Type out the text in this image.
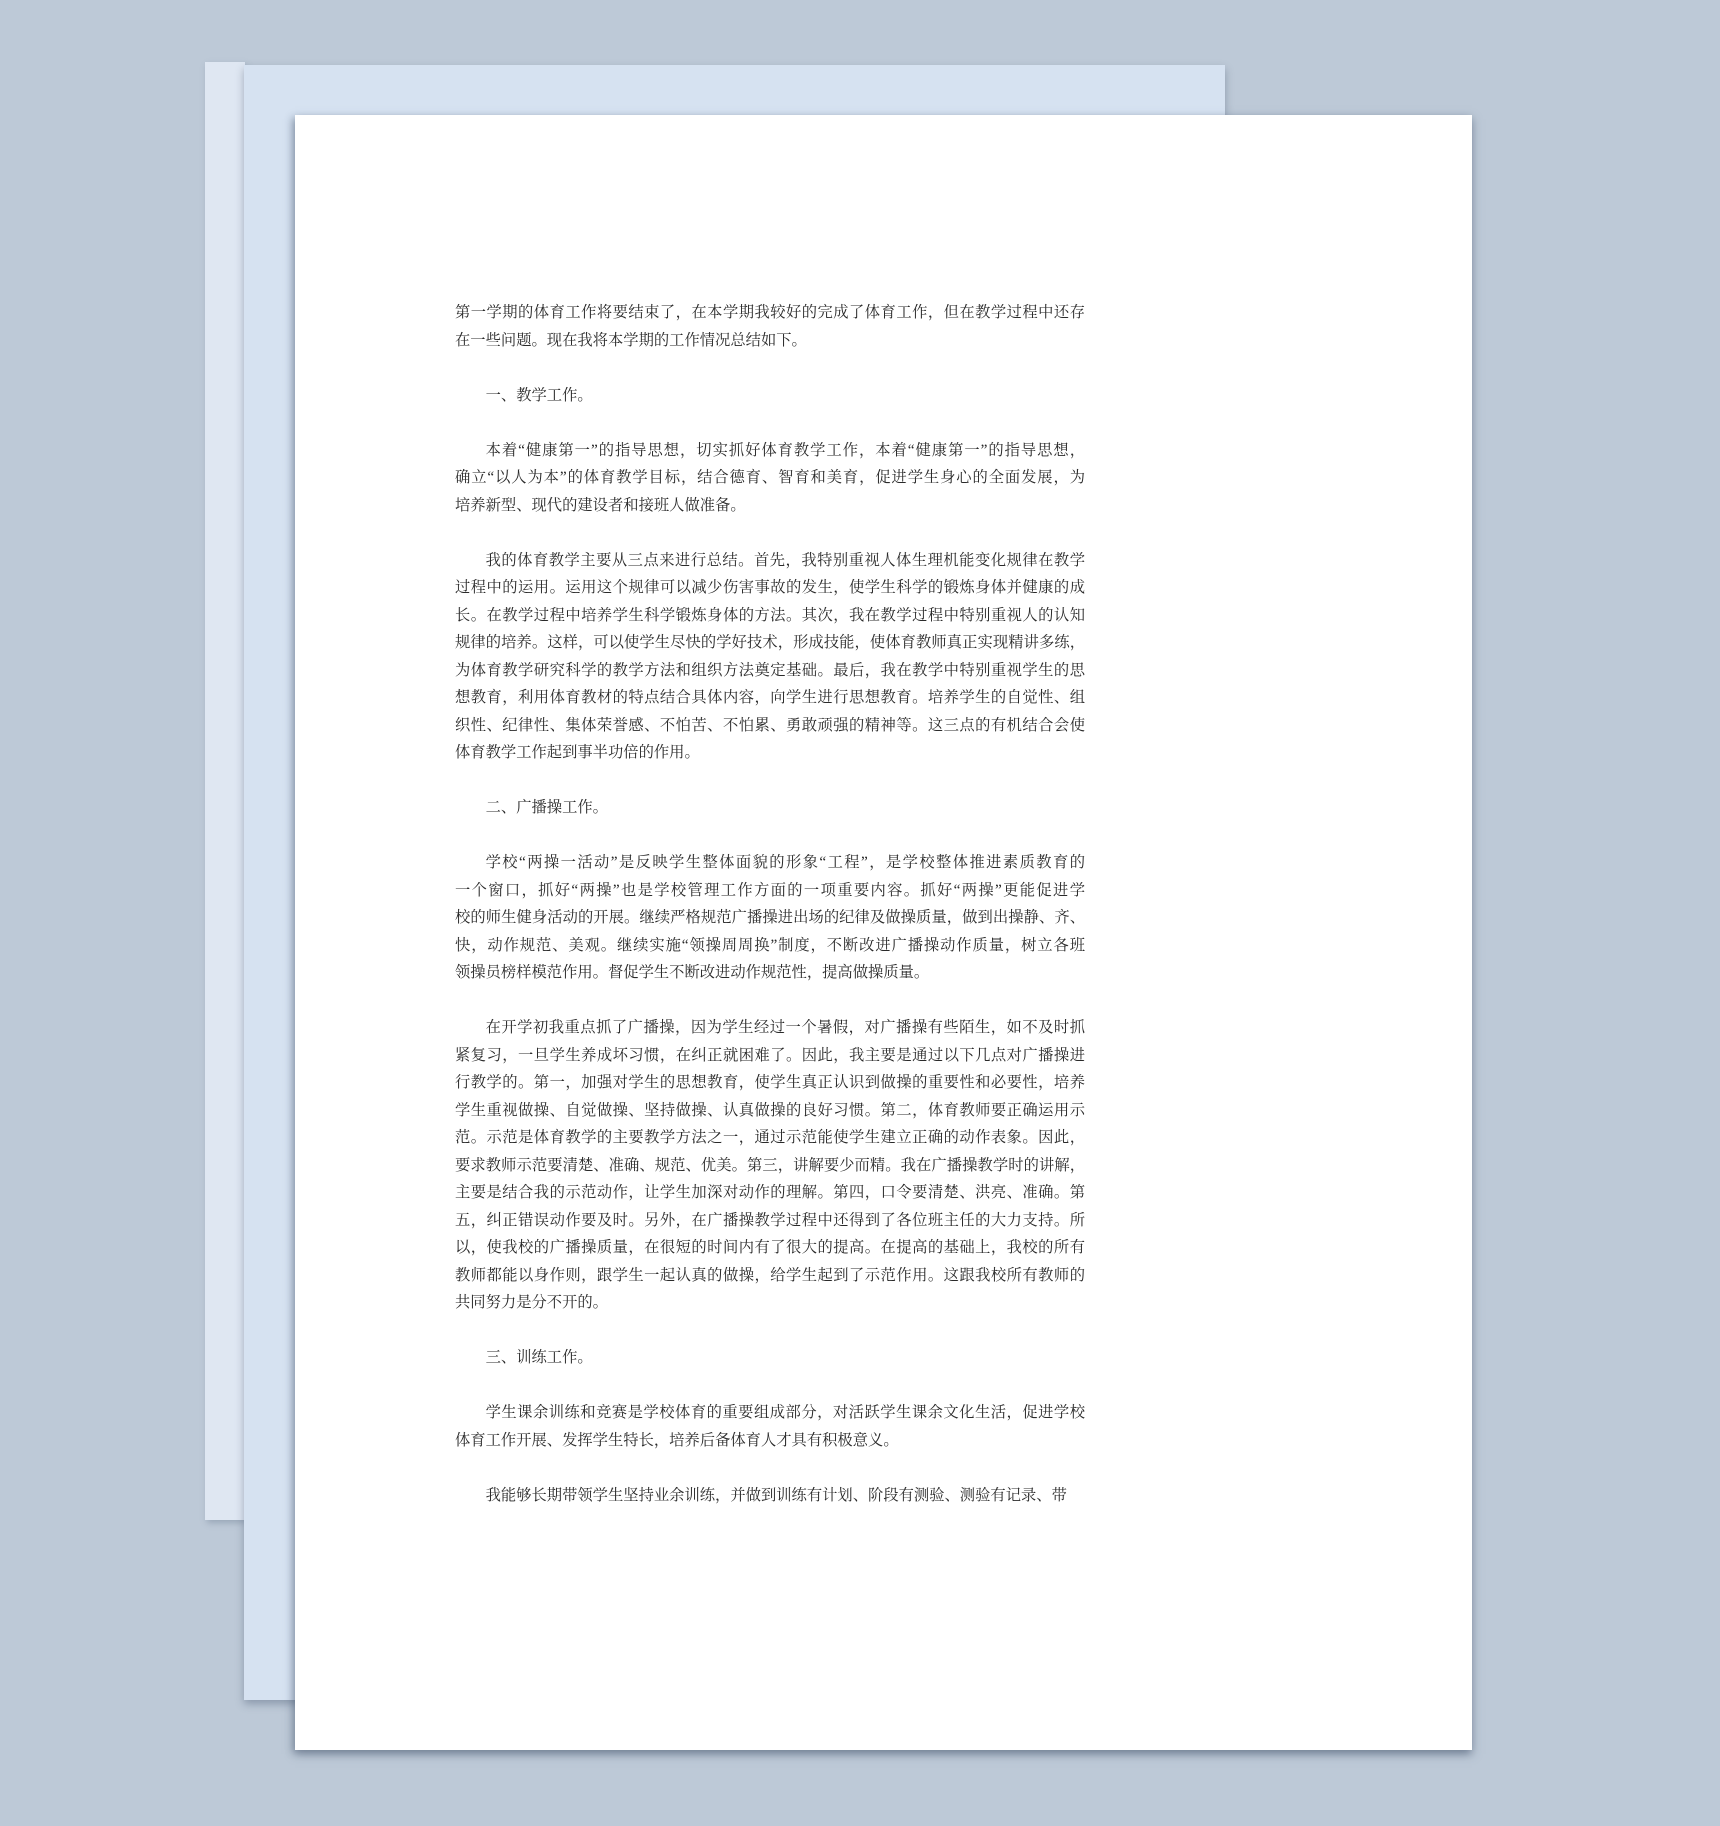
第一学期的体育工作将要结束了，在本学期我较好的完成了体育工作，但在教学过程中还存
在一些问题。现在我将本学期的工作情况总结如下。
一、教学工作。
本着“健康第一”的指导思想，切实抓好体育教学工作，本着“健康第一”的指导思想，
确立“以人为本”的体育教学目标，结合德育、智育和美育，促进学生身心的全面发展，为
培养新型、现代的建设者和接班人做准备。
我的体育教学主要从三点来进行总结。首先，我特别重视人体生理机能变化规律在教学
过程中的运用。运用这个规律可以减少伤害事故的发生，使学生科学的锻炼身体并健康的成
长。在教学过程中培养学生科学锻炼身体的方法。其次，我在教学过程中特别重视人的认知
规律的培养。这样，可以使学生尽快的学好技术，形成技能，使体育教师真正实现精讲多练，
为体育教学研究科学的教学方法和组织方法奠定基础。最后，我在教学中特别重视学生的思
想教育，利用体育教材的特点结合具体内容，向学生进行思想教育。培养学生的自觉性、组
织性、纪律性、集体荣誉感、不怕苦、不怕累、勇敢顽强的精神等。这三点的有机结合会使
体育教学工作起到事半功倍的作用。
二、广播操工作。
学校“两操一活动”是反映学生整体面貌的形象“工程”，是学校整体推进素质教育的
一个窗口，抓好“两操”也是学校管理工作方面的一项重要内容。抓好“两操”更能促进学
校的师生健身活动的开展。继续严格规范广播操进出场的纪律及做操质量，做到出操静、齐、
快，动作规范、美观。继续实施“领操周周换”制度，不断改进广播操动作质量，树立各班
领操员榜样模范作用。督促学生不断改进动作规范性，提高做操质量。
在开学初我重点抓了广播操，因为学生经过一个暑假，对广播操有些陌生，如不及时抓
紧复习，一旦学生养成坏习惯，在纠正就困难了。因此，我主要是通过以下几点对广播操进
行教学的。第一，加强对学生的思想教育，使学生真正认识到做操的重要性和必要性，培养
学生重视做操、自觉做操、坚持做操、认真做操的良好习惯。第二，体育教师要正确运用示
范。示范是体育教学的主要教学方法之一，通过示范能使学生建立正确的动作表象。因此，
要求教师示范要清楚、准确、规范、优美。第三，讲解要少而精。我在广播操教学时的讲解，
主要是结合我的示范动作，让学生加深对动作的理解。第四，口令要清楚、洪亮、准确。第
五，纠正错误动作要及时。另外，在广播操教学过程中还得到了各位班主任的大力支持。所
以，使我校的广播操质量，在很短的时间内有了很大的提高。在提高的基础上，我校的所有
教师都能以身作则，跟学生一起认真的做操，给学生起到了示范作用。这跟我校所有教师的
共同努力是分不开的。
三、训练工作。
学生课余训练和竞赛是学校体育的重要组成部分，对活跃学生课余文化生活，促进学校
体育工作开展、发挥学生特长，培养后备体育人才具有积极意义。
我能够长期带领学生坚持业余训练，并做到训练有计划、阶段有测验、测验有记录、带
